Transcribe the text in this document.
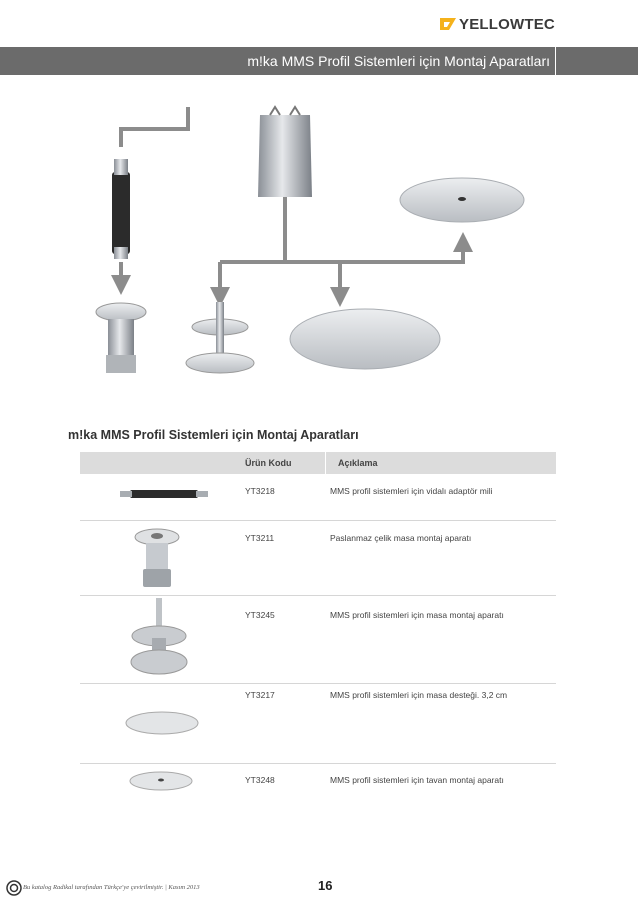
YELLOWTEC
m!ka MMS Profil Sistemleri için Montaj Aparatları
m!ka MMS Profil Sistemleri için Montaj Aparatları
Ürün Kodu	Açıklama
YT3218	MMS profil sistemleri için vidalı adaptör mili
YT3211	Paslanmaz çelik masa montaj aparatı
YT3245	MMS profil sistemleri için masa montaj aparatı
YT3217	MMS profil sistemleri için masa desteği. 3,2 cm
YT3248	MMS profil sistemleri için tavan montaj aparatı
Bu katalog Radikal tarafından Türkçe'ye çevirilmiştir. | Kasım 2013	16
